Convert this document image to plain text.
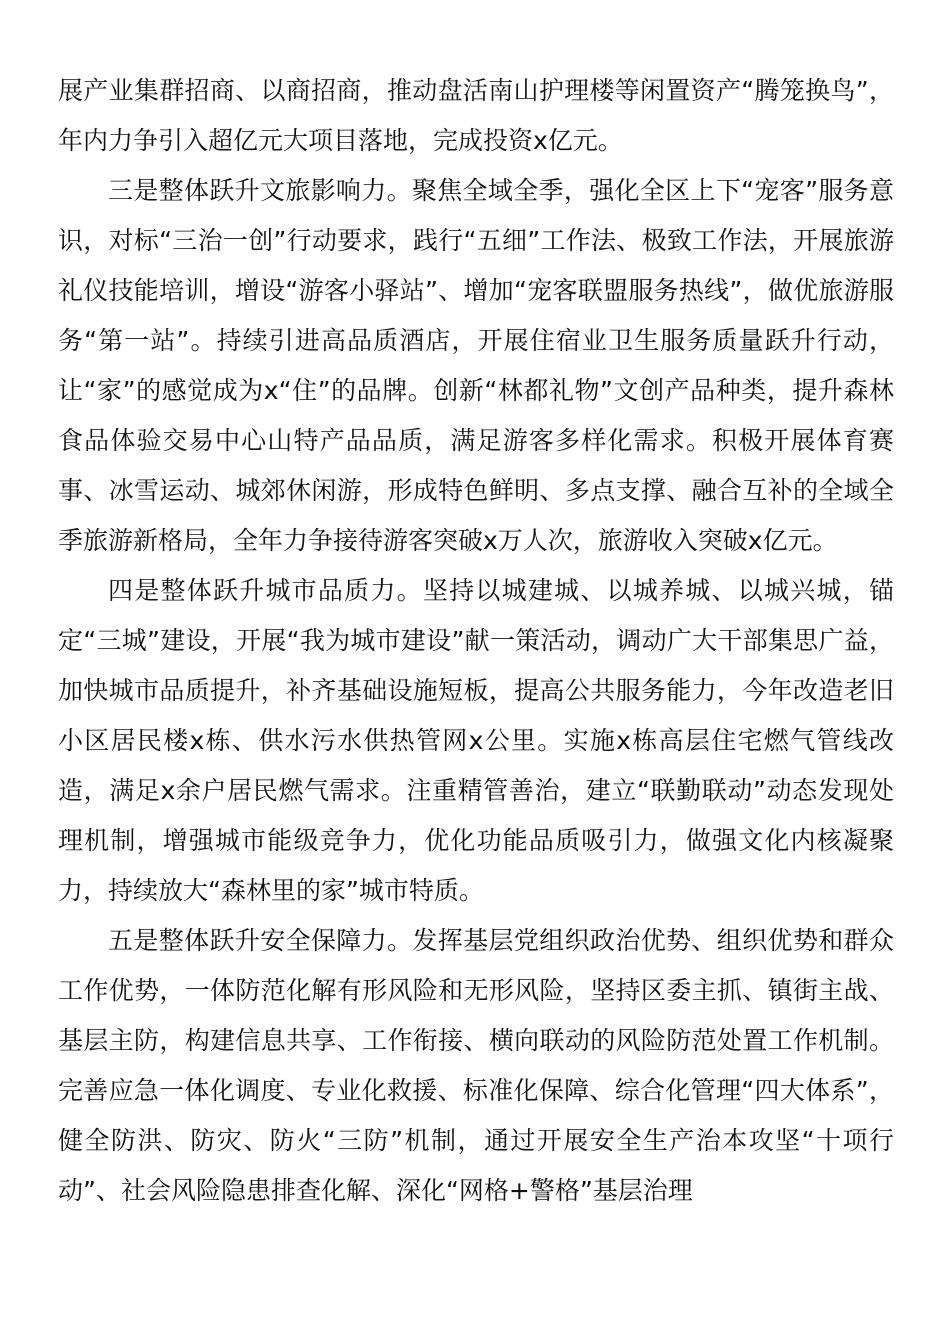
展产业集群招商、以商招商，推动盘活南山护理楼等闲置资产“腾笼换鸟”，年内力争引入超亿元大项目落地，完成投资x亿元。

三是整体跃升文旅影响力。聚焦全域全季，强化全区上下“宠客”服务意识，对标“三治一创”行动要求，践行“五细”工作法、极致工作法，开展旅游礼仪技能培训，增设“游客小驿站”、增加“宠客联盟服务热线”，做优旅游服务“第一站”。持续引进高品质酒店，开展住宿业卫生服务质量跃升行动，让“家”的感觉成为x“住”的品牌。创新“林都礼物”文创产品种类，提升森林食品体验交易中心山特产品品质，满足游客多样化需求。积极开展体育赛事、冰雪运动、城郊休闲游，形成特色鲜明、多点支撑、融合互补的全域全季旅游新格局，全年力争接待游客突破x万人次，旅游收入突破x亿元。

四是整体跃升城市品质力。坚持以城建城、以城养城、以城兴城，锚定“三城”建设，开展“我为城市建设”献一策活动，调动广大干部集思广益，加快城市品质提升，补齐基础设施短板，提高公共服务能力，今年改造老旧小区居民楼x栋、供水污水供热管网x公里。实施x栋高层住宅燃气管线改造，满足x余户居民燃气需求。注重精管善治，建立“联勤联动”动态发现处理机制，增强城市能级竞争力，优化功能品质吸引力，做强文化内核凝聚力，持续放大“森林里的家”城市特质。

五是整体跃升安全保障力。发挥基层党组织政治优势、组织优势和群众工作优势，一体防范化解有形风险和无形风险，坚持区委主抓、镇街主战、基层主防，构建信息共享、工作衔接、横向联动的风险防范处置工作机制。完善应急一体化调度、专业化救援、标准化保障、综合化管理“四大体系”，健全防洪、防灾、防火“三防”机制，通过开展安全生产治本攻坚“十项行动”、社会风险隐患排查化解、深化“网格+警格”基层治理
